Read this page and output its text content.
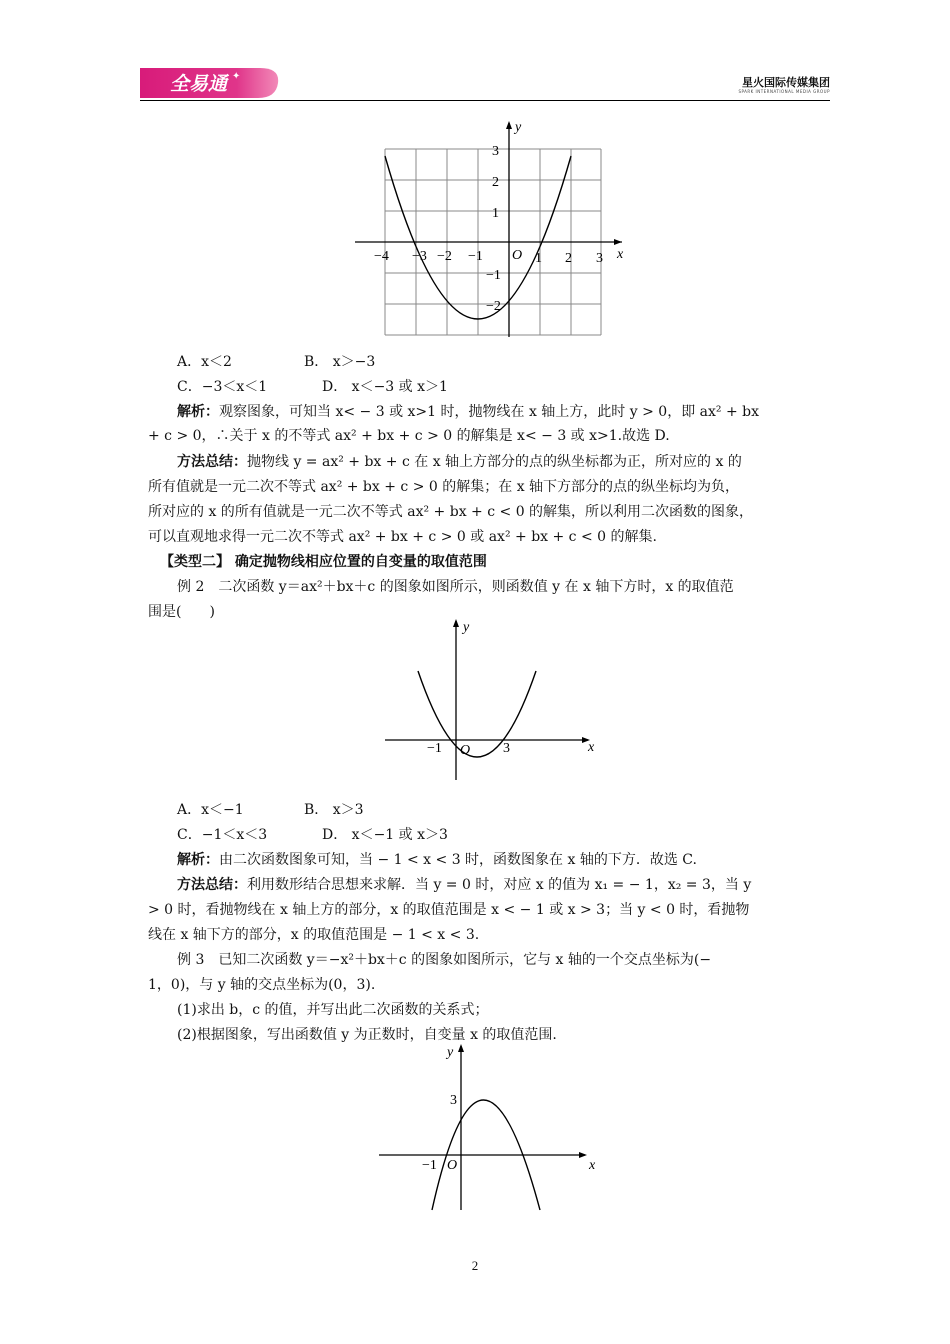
全易通 ✦	星火国际传媒集团
SPARK INTERNATIONAL MEDIA GROUP
y
x
O
−4 −3 −2 −1	1 2 3
3
2
1
−1
−2
A．x＜2	B． x＞−3
C．−3＜x＜1	D． x＜−3 或 x＞1
解析：观察图象，可知当 x< − 3 或 x>1 时，抛物线在 x 轴上方，此时 y > 0，即 ax² + bx
+ c > 0，∴关于 x 的不等式 ax² + bx + c > 0 的解集是 x< − 3 或 x>1.故选 D.
方法总结：抛物线 y = ax² + bx + c 在 x 轴上方部分的点的纵坐标都为正，所对应的 x 的
所有值就是一元二次不等式 ax² + bx + c > 0 的解集；在 x 轴下方部分的点的纵坐标均为负，
所对应的 x 的所有值就是一元二次不等式 ax² + bx + c < 0 的解集，所以利用二次函数的图象，
可以直观地求得一元二次不等式 ax² + bx + c > 0 或 ax² + bx + c < 0 的解集.
【类型二】 确定抛物线相应位置的自变量的取值范围
例 2　二次函数 y＝ax²＋bx＋c 的图象如图所示，则函数值 y 在 x 轴下方时，x 的取值范
围是(　　)
y
x
O
−1	3
A．x＜−1	B． x＞3
C．−1＜x＜3	D． x＜−1 或 x＞3
解析：由二次函数图象可知，当 − 1 < x < 3 时，函数图象在 x 轴的下方．故选 C.
方法总结：利用数形结合思想来求解．当 y = 0 时，对应 x 的值为 x₁ = − 1，x₂ = 3，当 y
> 0 时，看抛物线在 x 轴上方的部分，x 的取值范围是 x < − 1 或 x > 3；当 y < 0 时，看抛物
线在 x 轴下方的部分，x 的取值范围是 − 1 < x < 3.
例 3　已知二次函数 y＝−x²＋bx＋c 的图象如图所示，它与 x 轴的一个交点坐标为(−
1，0)，与 y 轴的交点坐标为(0，3).
(1)求出 b，c 的值，并写出此二次函数的关系式；
(2)根据图象，写出函数值 y 为正数时，自变量 x 的取值范围.
y
x
O
−1
3
2
